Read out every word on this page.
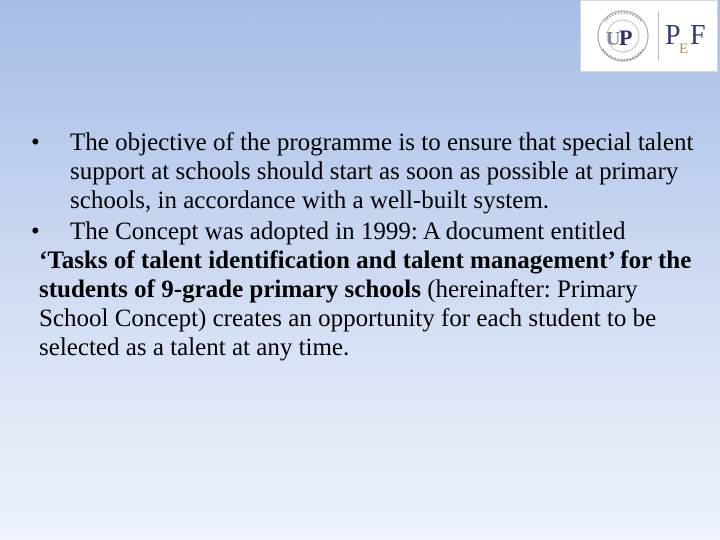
U
P P
E F
• The objective of the programme is to ensure that special talent support at schools should start as soon as possible at primary schools, in accordance with a well-built system.
• The Concept was adopted in 1999: A document entitled
‘Tasks of talent identification and talent management’ for the students of 9-grade primary schools (hereinafter: Primary School Concept) creates an opportunity for each student to be selected as a talent at any time.
